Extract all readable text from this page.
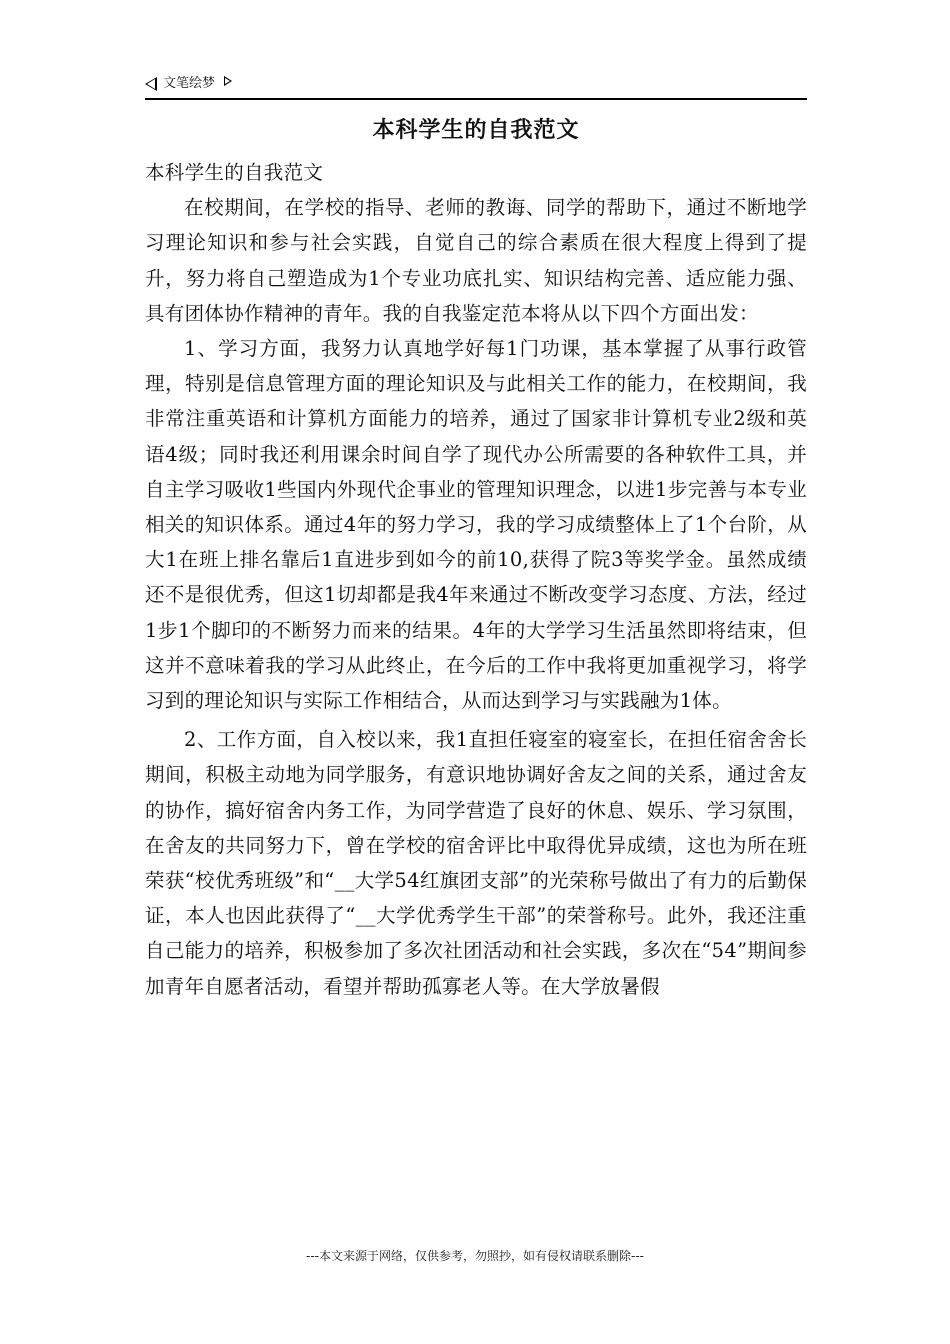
文笔绘梦
本科学生的自我范文

本科学生的自我范文

在校期间，在学校的指导、老师的教诲、同学的帮助下，通过不断地学习理论知识和参与社会实践，自觉自己的综合素质在很大程度上得到了提升，努力将自己塑造成为1个专业功底扎实、知识结构完善、适应能力强、具有团体协作精神的青年。我的自我鉴定范本将从以下四个方面出发：

1、学习方面，我努力认真地学好每1门功课，基本掌握了从事行政管理，特别是信息管理方面的理论知识及与此相关工作的能力，在校期间，我非常注重英语和计算机方面能力的培养，通过了国家非计算机专业2级和英语4级；同时我还利用课余时间自学了现代办公所需要的各种软件工具，并自主学习吸收1些国内外现代企事业的管理知识理念，以进1步完善与本专业相关的知识体系。通过4年的努力学习，我的学习成绩整体上了1个台阶，从大1在班上排名靠后1直进步到如今的前10,获得了院3等奖学金。虽然成绩还不是很优秀，但这1切却都是我4年来通过不断改变学习态度、方法，经过1步1个脚印的不断努力而来的结果。4年的大学学习生活虽然即将结束，但这并不意味着我的学习从此终止，在今后的工作中我将更加重视学习，将学习到的理论知识与实际工作相结合，从而达到学习与实践融为1体。

2、工作方面，自入校以来，我1直担任寝室的寝室长，在担任宿舍舍长期间，积极主动地为同学服务，有意识地协调好舍友之间的关系，通过舍友的协作，搞好宿舍内务工作，为同学营造了良好的休息、娱乐、学习氛围，在舍友的共同努力下，曾在学校的宿舍评比中取得优异成绩，这也为所在班荣获“校优秀班级”和“__大学54红旗团支部”的光荣称号做出了有力的后勤保证，本人也因此获得了“__大学优秀学生干部”的荣誉称号。此外，我还注重自己能力的培养，积极参加了多次社团活动和社会实践，多次在“54”期间参加青年自愿者活动，看望并帮助孤寡老人等。在大学放暑假

---本文来源于网络，仅供参考，勿照抄，如有侵权请联系删除---
